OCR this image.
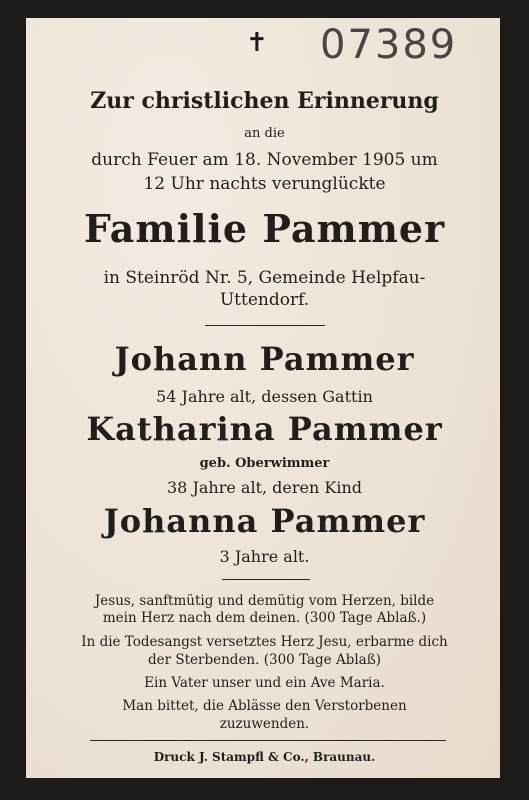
07389
✝
Zur christlichen Erinnerung
an die
durch Feuer am 18. November 1905 um
12 Uhr nachts verunglückte
Familie Pammer
in Steinröd Nr. 5, Gemeinde Helpfau-
Uttendorf.
Johann Pammer
54 Jahre alt, dessen Gattin
Katharina Pammer
geb. Oberwimmer
38 Jahre alt, deren Kind
Johanna Pammer
3 Jahre alt.
Jesus, sanftmütig und demütig vom Herzen, bilde
mein Herz nach dem deinen. (300 Tage Ablaß.)
In die Todesangst versetztes Herz Jesu, erbarme dich
der Sterbenden. (300 Tage Ablaß)
Ein Vater unser und ein Ave Maria.
Man bittet, die Ablässe den Verstorbenen
zuzuwenden.
Druck J. Stampfl & Co., Braunau.
